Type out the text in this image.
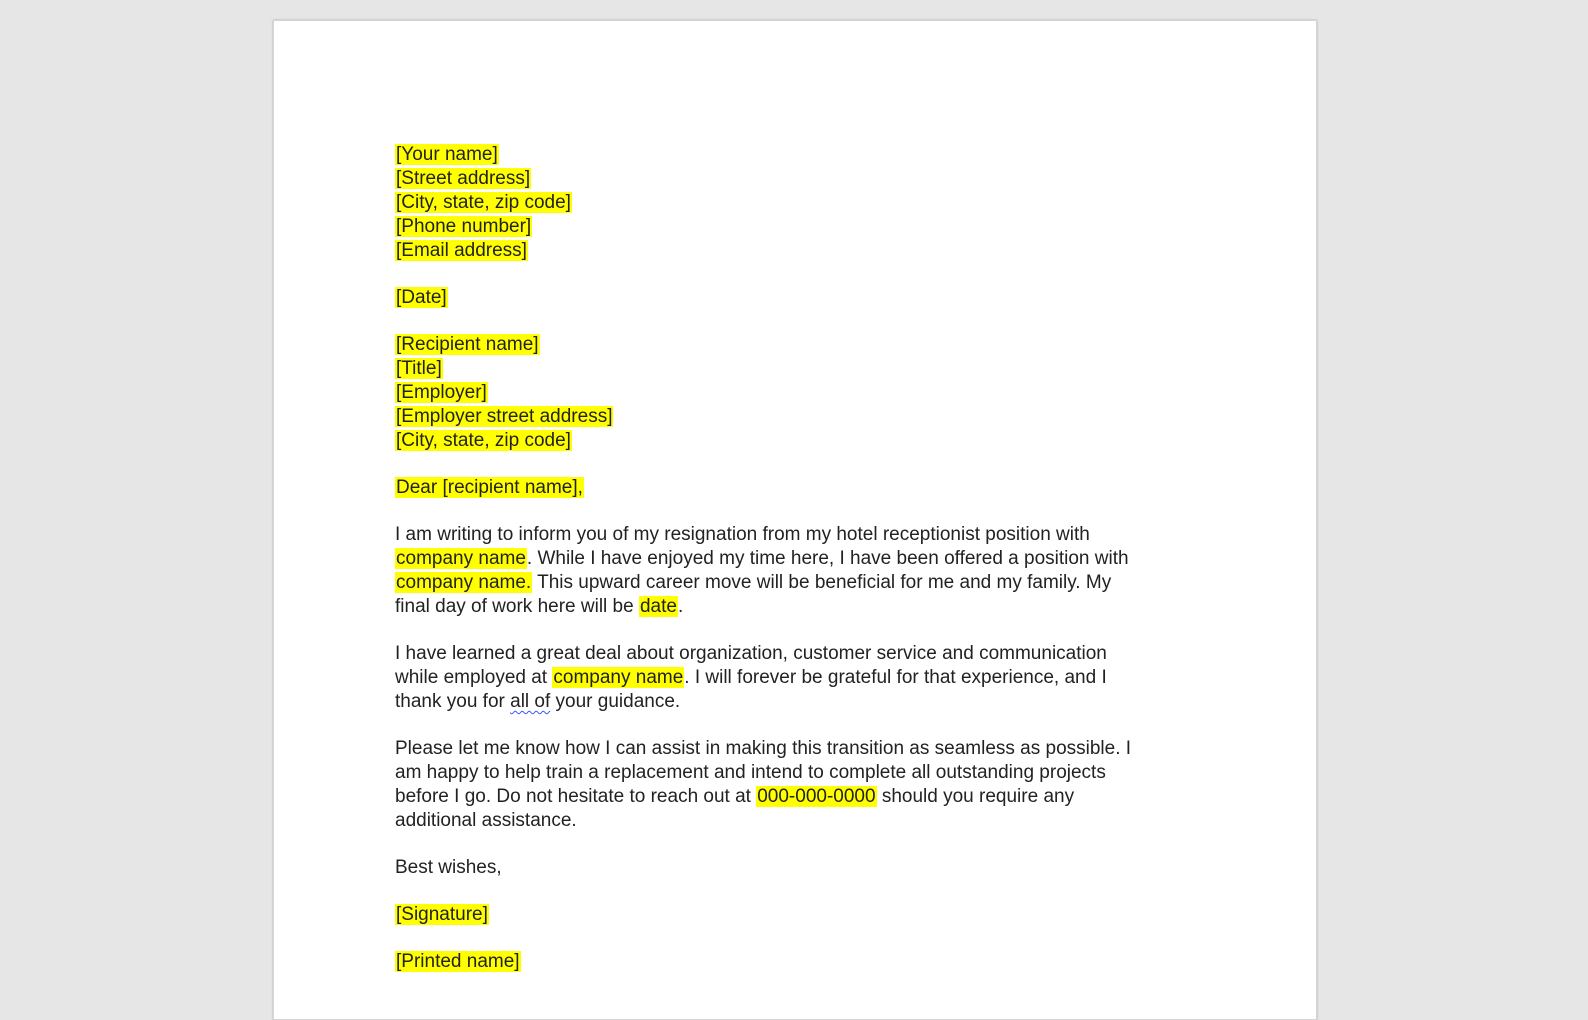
[Your name]
[Street address]
[City, state, zip code]
[Phone number]
[Email address]
[Date]
[Recipient name]
[Title]
[Employer]
[Employer street address]
[City, state, zip code]
Dear [recipient name],
I am writing to inform you of my resignation from my hotel receptionist position with
company name. While I have enjoyed my time here, I have been offered a position with
company name. This upward career move will be beneficial for me and my family. My
final day of work here will be date.
I have learned a great deal about organization, customer service and communication
while employed at company name. I will forever be grateful for that experience, and I
thank you for all of your guidance.
Please let me know how I can assist in making this transition as seamless as possible. I
am happy to help train a replacement and intend to complete all outstanding projects
before I go. Do not hesitate to reach out at 000-000-0000 should you require any
additional assistance.
Best wishes,
[Signature]
[Printed name]
